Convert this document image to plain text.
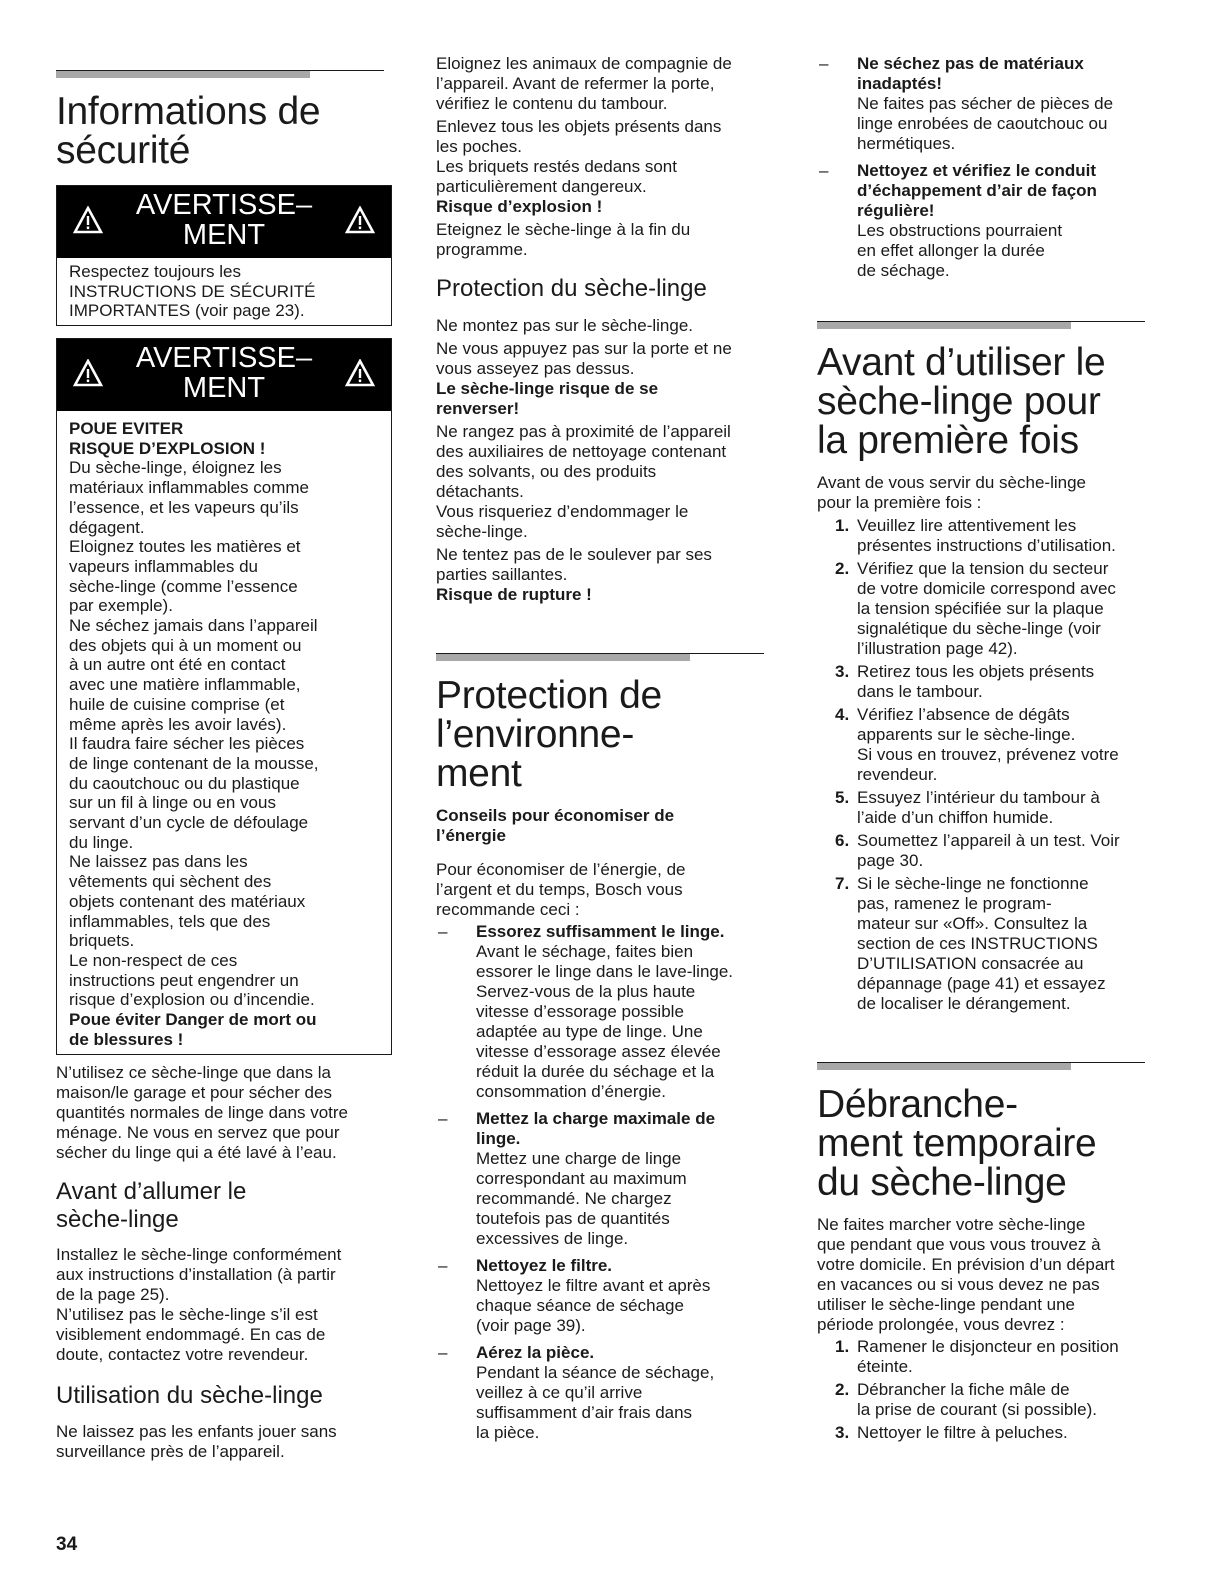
Informations de
sécurité
AVERTISSE–
MENT
Respectez toujours les
INSTRUCTIONS DE SÉCURITÉ
IMPORTANTES (voir page 23).
AVERTISSE–
MENT
POUE EVITER
RISQUE D’EXPLOSION !
Du sèche-linge, éloignez les
matériaux inflammables comme
l’essence, et les vapeurs qu’ils
dégagent.
Eloignez toutes les matières et
vapeurs inflammables du
sèche-linge (comme l’essence
par exemple).
Ne séchez jamais dans l’appareil
des objets qui à un moment ou
à un autre ont été en contact
avec une matière inflammable,
huile de cuisine comprise (et
même après les avoir lavés).
Il faudra faire sécher les pièces
de linge contenant de la mousse,
du caoutchouc ou du plastique
sur un fil à linge ou en vous
servant d’un cycle de défoulage
du linge.
Ne laissez pas dans les
vêtements qui sèchent des
objets contenant des matériaux
inflammables, tels que des
briquets.
Le non-respect de ces
instructions peut engendrer un
risque d’explosion ou d’incendie.
Poue éviter Danger de mort ou
de blessures !
N’utilisez ce sèche-linge que dans la
maison/le garage et pour sécher des
quantités normales de linge dans votre
ménage. Ne vous en servez que pour
sécher du linge qui a été lavé à l’eau.
Avant d’allumer le
sèche-linge
Installez le sèche-linge conformément
aux instructions d’installation (à partir
de la page 25).
N’utilisez pas le sèche-linge s’il est
visiblement endommagé. En cas de
doute, contactez votre revendeur.
Utilisation du sèche-linge
Ne laissez pas les enfants jouer sans
surveillance près de l’appareil.
Eloignez les animaux de compagnie de
l’appareil. Avant de refermer la porte,
vérifiez le contenu du tambour.
Enlevez tous les objets présents dans
les poches.
Les briquets restés dedans sont
particulièrement dangereux.
Risque d’explosion !
Eteignez le sèche-linge à la fin du
programme.
Protection du sèche-linge
Ne montez pas sur le sèche-linge.
Ne vous appuyez pas sur la porte et ne
vous asseyez pas dessus.
Le sèche-linge risque de se
renverser!
Ne rangez pas à proximité de l’appareil
des auxiliaires de nettoyage contenant
des solvants, ou des produits
détachants.
Vous risqueriez d’endommager le
sèche-linge.
Ne tentez pas de le soulever par ses
parties saillantes.
Risque de rupture !
Protection de
l’environne-
ment
Conseils pour économiser de
l’énergie
Pour économiser de l’énergie, de
l’argent et du temps, Bosch vous
recommande ceci :
– Essorez suffisamment le linge.
Avant le séchage, faites bien
essorer le linge dans le lave-linge.
Servez-vous de la plus haute
vitesse d’essorage possible
adaptée au type de linge. Une
vitesse d’essorage assez élevée
réduit la durée du séchage et la
consommation d’énergie.
– Mettez la charge maximale de
linge.
Mettez une charge de linge
correspondant au maximum
recommandé. Ne chargez
toutefois pas de quantités
excessives de linge.
– Nettoyez le filtre.
Nettoyez le filtre avant et après
chaque séance de séchage
(voir page 39).
– Aérez la pièce.
Pendant la séance de séchage,
veillez à ce qu’il arrive
suffisamment d’air frais dans
la pièce.
– Ne séchez pas de matériaux
inadaptés!
Ne faites pas sécher de pièces de
linge enrobées de caoutchouc ou
hermétiques.
– Nettoyez et vérifiez le conduit
d’échappement d’air de façon
régulière!
Les obstructions pourraient
en effet allonger la durée
de séchage.
Avant d’utiliser le
sèche-linge pour
la première fois
Avant de vous servir du sèche-linge
pour la première fois :
1. Veuillez lire attentivement les
présentes instructions d’utilisation.
2. Vérifiez que la tension du secteur
de votre domicile correspond avec
la tension spécifiée sur la plaque
signalétique du sèche-linge (voir
l’illustration page 42).
3. Retirez tous les objets présents
dans le tambour.
4. Vérifiez l’absence de dégâts
apparents sur le sèche-linge.
Si vous en trouvez, prévenez votre
revendeur.
5. Essuyez l’intérieur du tambour à
l’aide d’un chiffon humide.
6. Soumettez l’appareil à un test. Voir
page 30.
7. Si le sèche-linge ne fonctionne
pas, ramenez le program-
mateur sur «Off». Consultez la
section de ces INSTRUCTIONS
D’UTILISATION consacrée au
dépannage (page 41) et essayez
de localiser le dérangement.
Débranche-
ment temporaire
du sèche-linge
Ne faites marcher votre sèche-linge
que pendant que vous vous trouvez à
votre domicile. En prévision d’un départ
en vacances ou si vous devez ne pas
utiliser le sèche-linge pendant une
période prolongée, vous devrez :
1. Ramener le disjoncteur en position
éteinte.
2. Débrancher la fiche mâle de
la prise de courant (si possible).
3. Nettoyer le filtre à peluches.
34
